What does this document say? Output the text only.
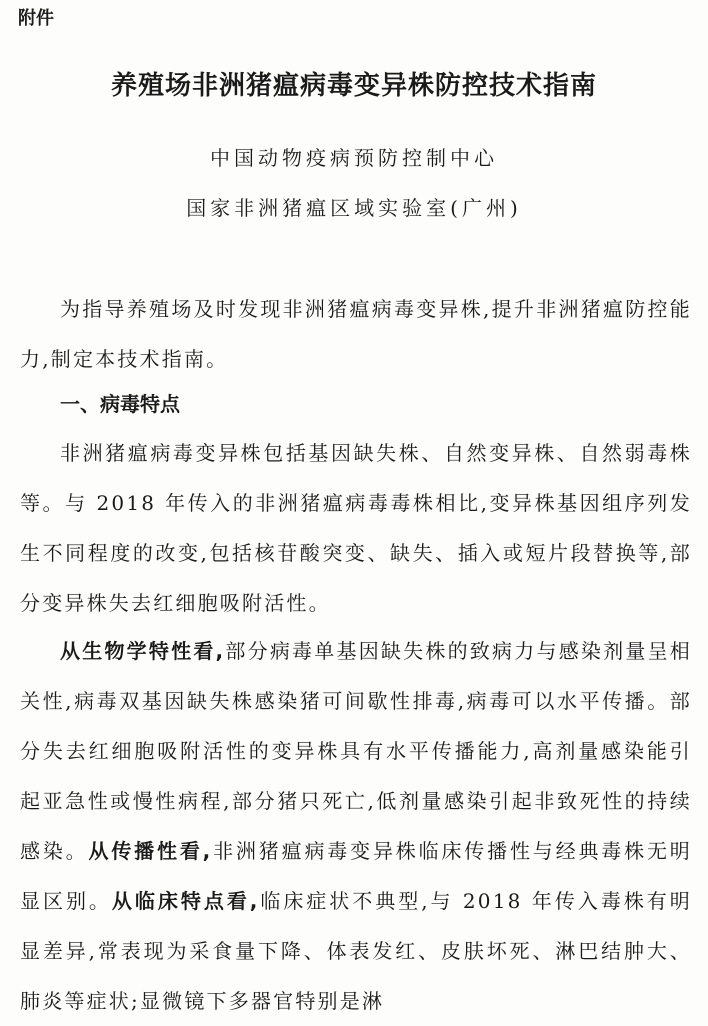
附件
养殖场非洲猪瘟病毒变异株防控技术指南
中国动物疫病预防控制中心
国家非洲猪瘟区域实验室(广州)
为指导养殖场及时发现非洲猪瘟病毒变异株,提升非洲猪瘟防控能力,制定本技术指南。
一、病毒特点
非洲猪瘟病毒变异株包括基因缺失株、自然变异株、自然弱毒株等。与 2018 年传入的非洲猪瘟病毒毒株相比,变异株基因组序列发生不同程度的改变,包括核苷酸突变、缺失、插入或短片段替换等,部分变异株失去红细胞吸附活性。
从生物学特性看,部分病毒单基因缺失株的致病力与感染剂量呈相关性,病毒双基因缺失株感染猪可间歇性排毒,病毒可以水平传播。部分失去红细胞吸附活性的变异株具有水平传播能力,高剂量感染能引起亚急性或慢性病程,部分猪只死亡,低剂量感染引起非致死性的持续感染。从传播性看,非洲猪瘟病毒变异株临床传播性与经典毒株无明显区别。从临床特点看,临床症状不典型,与 2018 年传入毒株有明显差异,常表现为采食量下降、体表发红、皮肤坏死、淋巴结肿大、肺炎等症状;显微镜下多器官特别是淋
